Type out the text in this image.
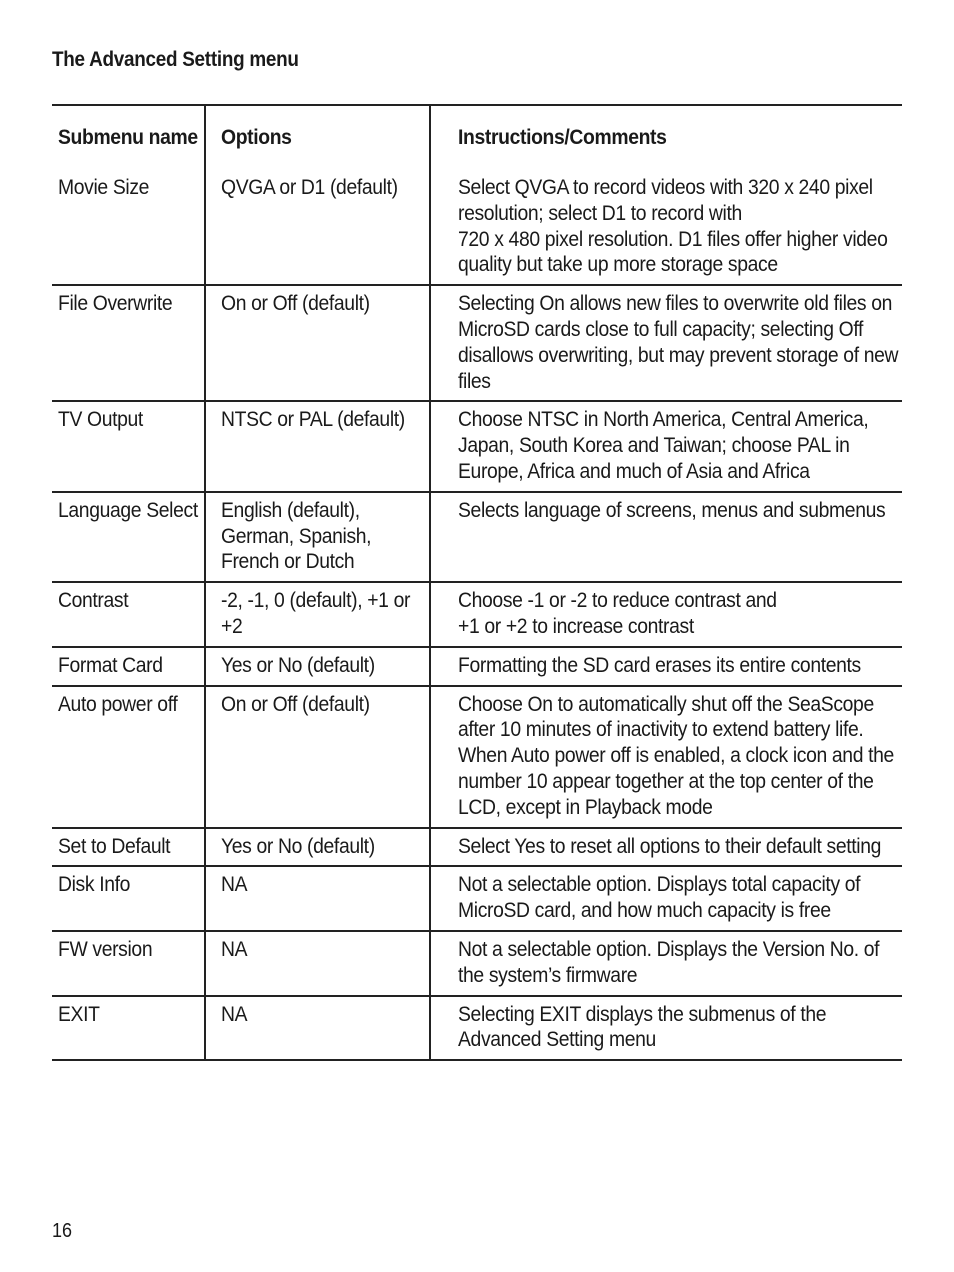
The Advanced Setting menu
Submenu name	Options	Instructions/Comments

Movie Size	QVGA or D1 (default)	Select QVGA to record videos with 320 x 240 pixel resolution; select D1 to record with
720 x 480 pixel resolution. D1 files offer higher video quality but take up more storage space

File Overwrite	On or Off (default)	Selecting On allows new files to overwrite old files on MicroSD cards close to full capacity; selecting Off disallows overwriting, but may prevent storage of new files

TV Output	NTSC or PAL (default)	Choose NTSC in North America, Central America, Japan, South Korea and Taiwan; choose PAL in Europe, Africa and much of Asia and Africa

Language Select	English (default), German, Spanish, French or Dutch	Selects language of screens, menus and submenus

Contrast	-2, -1, 0 (default), +1 or +2	Choose -1 or -2 to reduce contrast and
+1 or +2 to increase contrast

Format Card	Yes or No (default)	Formatting the SD card erases its entire contents

Auto power off	On or Off (default)	Choose On to automatically shut off the SeaScope after 10 minutes of inactivity to extend battery life. When Auto power off is enabled, a clock icon and the number 10 appear together at the top center of the LCD, except in Playback mode

Set to Default	Yes or No (default)	Select Yes to reset all options to their default setting

Disk Info	NA	Not a selectable option. Displays total capacity of MicroSD card, and how much capacity is free

FW version	NA	Not a selectable option. Displays the Version No. of the system’s firmware

EXIT	NA	Selecting EXIT displays the submenus of the Advanced Setting menu
16
